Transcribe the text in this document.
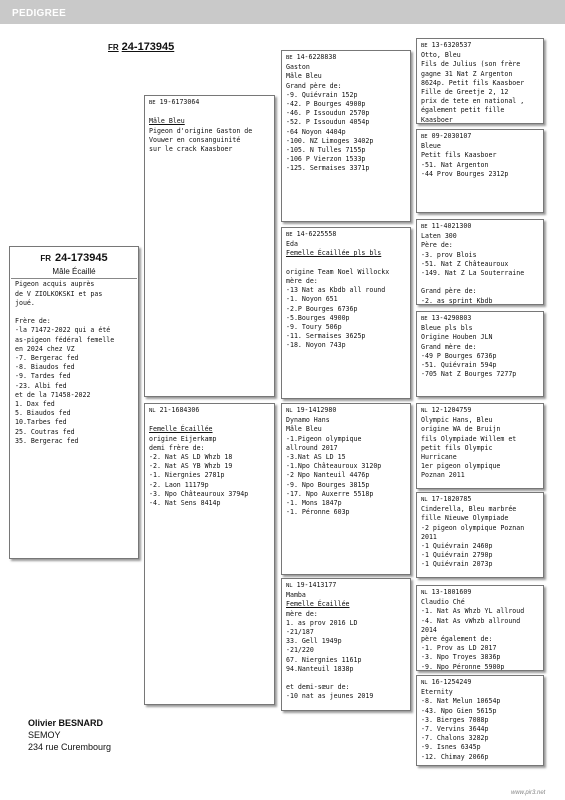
PEDIGREE
FR 24-173945
FR 24-173945
Mâle Écaillé
Pigeon acquis auprès
de V ZIOLKOKSKI et pas
joué.

Frère de:
-la 71472-2022 qui a été
as-pigeon fédéral femelle
en 2024 chez VZ
-7. Bergerac fed
-8. Biaudos fed
-9. Tardes fed
-23. Albi fed
et de la 71458-2022
1. Dax fed
5. Biaudos fed
10.Tarbes fed
25. Coutras fed
35. Bergerac fed
BE 19-6173064

Mâle Bleu
Pigeon d'origine Gaston de
Vouwer en consanguinité
sur le crack Kaasboer
NL 21-1684306

Femelle Écaillée
origine Eijerkamp
demi frère de:
-2. Nat AS LD Whzb 18
-2. Nat AS YB Whzb 19
-1. Niergnies 2781p
-2. Laon 11179p
-3. Npo Châteauroux 3794p
-4. Nat Sens 8414p
BE 14-6228838
Gaston
Mâle Bleu
Grand père de:
-9. Quiévrain 152p
-42. P Bourges 4900p
-46. P Issoudun 2570p
-52. P Issoudun 4054p
-64 Noyon 4404p
-100. NZ Limoges 3402p
-105. N Tulles 7155p
-106 P Vierzon 1533p
-125. Sermaises 3371p
BE 14-6225558
Eda
Femelle Écaillée pls bls

origine Team Noel Willockx
mère de:
-13 Nat as Kbdb all round
-1. Noyon 651
-2.P Bourges 6736p
-5.Bourges 4900p
-9. Toury 506p
-11. Sermaises 3625p
-18. Noyon 743p
NL 19-1412980
Dynamo Hans
Mâle Bleu
-1.Pigeon olympique
allround 2017
-3.Nat AS LD 15
-1.Npo Châteauroux 3120p
-2 Npo Nanteuil 4476p
-9. Npo Bourges 3815p
-17. Npo Auxerre 5518p
-1. Mons 1847p
-1. Péronne 603p
NL 19-1413177
Mamba
Femelle Écaillée
mère de:
1. as prov 2016 LD
-21/187
33. Gell 1949p
-21/220
67. Niergnies 1161p
94.Nanteuil 1838p

et demi-sœur de:
-10 nat as jeunes 2019
BE 13-6320537
Otto, Bleu
Fils de Julius (son frère
gagne 31 Nat Z Argenton
8624p. Petit fils Kaasboer
Fille de Greetje 2, 12
prix de tete en national ,
également petit fille
Kaasboer
BE 09-2030107
Bleue
Petit fils Kaasboer
-51. Nat Argenton
-44 Prov Bourges 2312p
BE 11-4021300
Laten 300
Père de:
-3. prov Blois
-51. Nat Z Châteauroux
-149. Nat Z La Souterraine

Grand père de:
-2. as sprint Kbdb
BE 13-4290803
Bleue pls bls
Origine Houben JLN
Grand mère de:
-49 P Bourges 6736p
-51. Quiévrain 594p
-705 Nat Z Bourges 7277p
NL 12-1204759
Olympic Hans, Bleu
origine WA de Bruijn
fils Olympiade Willem et
petit fils Olympic
Hurricane
1er pigeon olympique
Poznan 2011
NL 17-1820785
Cinderella, Bleu marbrée
fille Nieuwe Olympiade
-2 pigeon olympique Poznan
2011
-1 Quiévrain 2460p
-1 Quiévrain 2790p
-1 Quiévrain 2073p
NL 13-1801609
Claudio Ché
-1. Nat As Whzb YL allroud
-4. Nat As vWhzb allround
2014
père également de:
-1. Prov as LD 2017
-3. Npo Troyes 3836p
-9. Npo Péronne 5900p
NL 16-1254249
Eternity
-8. Nat Melun 10654p
-43. Npo Gien 5615p
-3. Bierges 7088p
-7. Vervins 3644p
-7. Chalons 3282p
-9. Isnes 6345p
-12. Chimay 2066p
Olivier BESNARD
SEMOY
234 rue Curembourg
www.pir3.net
